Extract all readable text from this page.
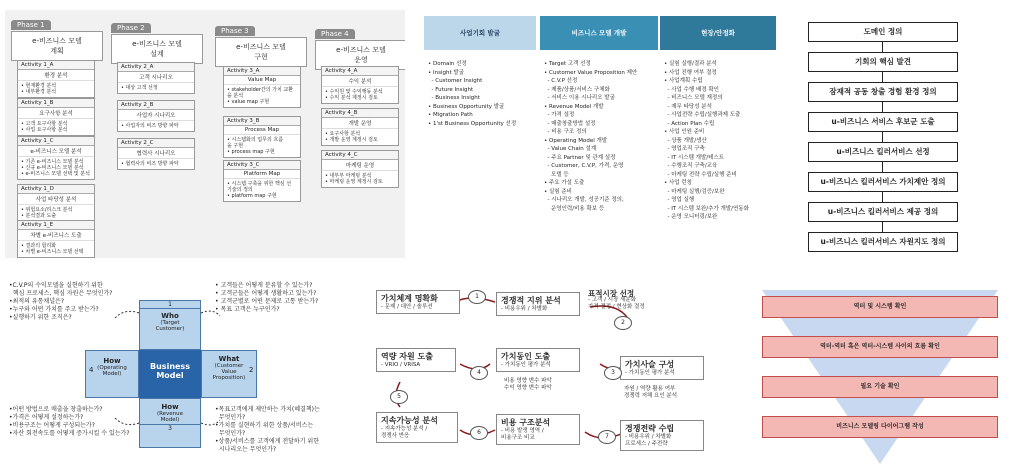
Phase 1
e-비즈니스 모델
계획
Phase 2
e-비즈니스 모델
설계
Phase 3
e-비즈니스 모델
구현
Phase 4
e-비즈니스 모델
운영
Activity 1_A
환경 분석
• 현재환경 분석
• 내부환경 분석
Activity 1_B
요구사항 분석
• 고객 요구사항 분석
• 사업 요구사항 분석
Activity 1_C
e-비즈니스 모델 분석
• 기존 e-비즈니스 모델 분석
• 신규 e-비즈니스 모델 분석
• e-비즈니스 모델 선택 및 분석
Activity 1_D
사업 타당성 분석
• 위험요소/리스크 분석
• 분석결과 도출
Activity 1_E
차별 e-비즈니스 도출
• 결과의 합리화
• 차별 e-비즈니스 모델 선택
Activity 2_A
고객 시나리오
• 대상 고객 선정
Activity 2_B
사업자 시나리오
• 사업자의 비즈 방향 파악
Activity 2_C
협력사 시나리오
• 협력사의 비즈 방향 파악
Activity 3_A
Value Map
• stakeholder간의 가치 교환
을 분석
• value map 구현
Activity 3_B
Process Map
• 시스템화의 업무의 흐름
을 구현
• process map 구현
Activity 3_C
Platform Map
• 시스템 구축을 위한 핵심 선
기술의 정의
• platform map 구현
Activity 4_A
수익 분석
• 수익원 및 수익행동 분석
• 수익 분석 계정시 검토
Activity 4_B
개발 운영
• 요구사항 분석
• 개발 운영 계정시 검토
Activity 4_C
마케팅 운영
• 내부부 마케팅 분석
• 마케팅 운영 계정시 검토
사업기회 발굴	비즈니스 모델 개발	현장/안정화
• Domain 선정
• Insight 발굴
- Customer Insight
- Future Insight
- Business Insight
• Business Opportunity 발굴
• Migration Path
• 1'st Business Opportunity 선정
• Target 고객 선정
• Customer Value Proposition 제안
- C.V.P 선정
- 제품/상품/서비스 구체화
- 서비스 이용 시나리오 발굴
• Revenue Model 개발
- 가격 설정
- 매출창출방법 설정
- 비용 구조 정의
• Operating Model 개발
- Value Chain 설계
- 주요 Partner 및 관계 설정
- Customer, C.V.P, 가격, 운영
모델 등
• 주요 가설 도출
• 실험 준비
- 시나리오 개발, 성공기준 정의,
운영인력/비용 확보 등
• 실험 실행/결과 분석
• 사업 진행 여부 결정
• 사업계획 수립
- 사업 수행 배경 확인
- 비즈니스 모델 재정의
- 재무 타당성 분석
- 사업전략 수립/실행과제 도출
- Action Plan 수립
• 사업 인원 준비
- 상품 개발/생산
- 영업조직 구축
- IT 시스템 개발/테스트
- 수행조직 구축/교육
- 마케팅 전략 수립/실행 준비
• 사업 런칭
- 마케팅 실행/검증/보완
- 영업 실행
- IT 시스템 보완/추가 개발/연동화
- 운영 모니터링/보완
도메인 정의
기회의 핵심 발견
잠재적 공동 창출 경험 환경 정의
u-비즈니스 서비스 후보군 도출
u-비즈니스 킬러서비스 선정
u-비즈니스 킬러서비스 가치제안 정의
u-비즈니스 킬러서비스 제공 정의
u-비즈니스 킬러서비스 자원지도 정의
•C.V.P의 수익모델을 실현하기 위한
핵심 프로세스, 핵심 자원은 무엇인가?
•최적의 유통채널은?
•누구와 어떤 가치를 주고 받는가?
•실행하기 위한 조직은?
• 고객들은 어떻게 분류할 수 있는가?
• 고객군들은 어떻게 생활하고 있는가?
• 고객군별로 어떤 문제로 고통 받는가?
• 목표 고객은 누구인가?
•어떤 방법으로 매출을 창출하는가?
•가격은 어떻게 설정하는가?
•비용구조는 어떻게 구성되는가?
•자산 회전속도를 어떻게 증가시킬 수 있는가?
•목표고객에게 제안하는 가치(혜결책)는
무엇인가?
•가치를 실현하기 위한 상품/서비스는
무엇인가?
•상품/서비스를 고객에게 전달하기 위한
시나리오는 무엇인가?
1
Who
(Target
Customer)
How
(Operating
Model)
4	Business
Model
What
(Customer
Value
Proposition)
2
How
(Revenue
Model)
3
가치체계 명확화
- 문제 / 대안 / 솔루션
경쟁적 지위 분석
- 비용우위 / 차별화
표적시장 선정
- 고객 / 시장 세분화
가격 결정 / 현상화 결정
역량 자원 도출
- VRIO / VRISA
가치동인 도출
- 가치동인 평가 분석
비용 영향 변수 파악
수익 영향 변수 파악
가치사슬 구성
- 가치동인 평가 분석
자원 / 역량 활용 여부
경쟁력 저해 요인 분석
지속가능성 분석
- 지속가능성 분석 /
경쟁사 반응
비용 구조분석
- 비용 발생 영역 /
비용구조 비교
경쟁전략 수립
- 비용우위 / 차별화
프로세스 / 주전략
1
2
3
4
5
6
7
역터 및 시스템 확인
역터-역터 혹은 역터-시스템 사이의 흐름 확인
필요 기술 확인
비즈니스 모델링 다이어그램 작성
